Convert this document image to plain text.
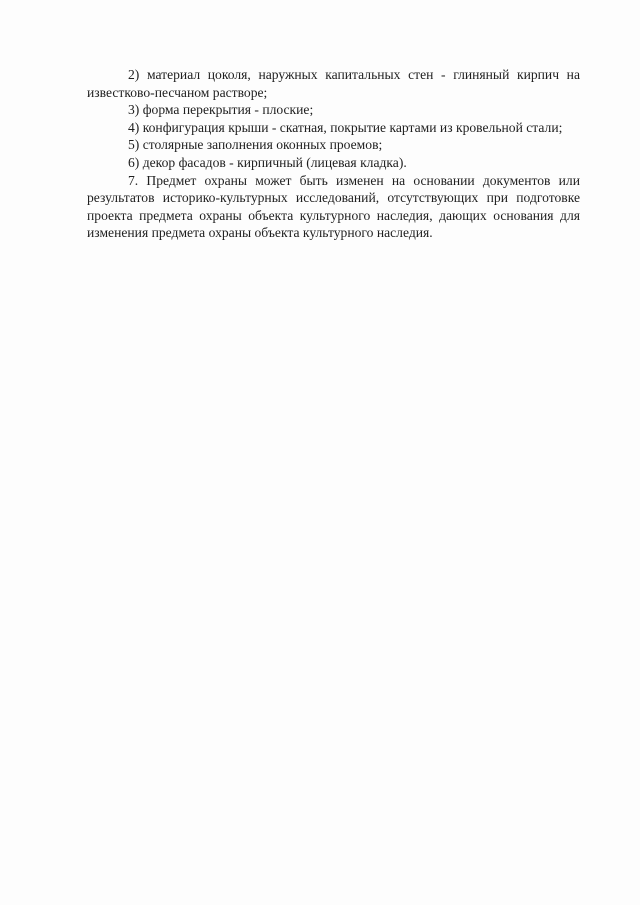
2) материал цоколя, наружных капитальных стен - глиняный кирпич на известково-песчаном растворе;

3) форма перекрытия - плоские;

4) конфигурация крыши - скатная, покрытие картами из кровельной стали;

5) столярные заполнения оконных проемов;

6) декор фасадов - кирпичный (лицевая кладка).

7. Предмет охраны может быть изменен на основании документов или результатов историко-культурных исследований, отсутствующих при подготовке проекта предмета охраны объекта культурного наследия, дающих основания для изменения предмета охраны объекта культурного наследия.
